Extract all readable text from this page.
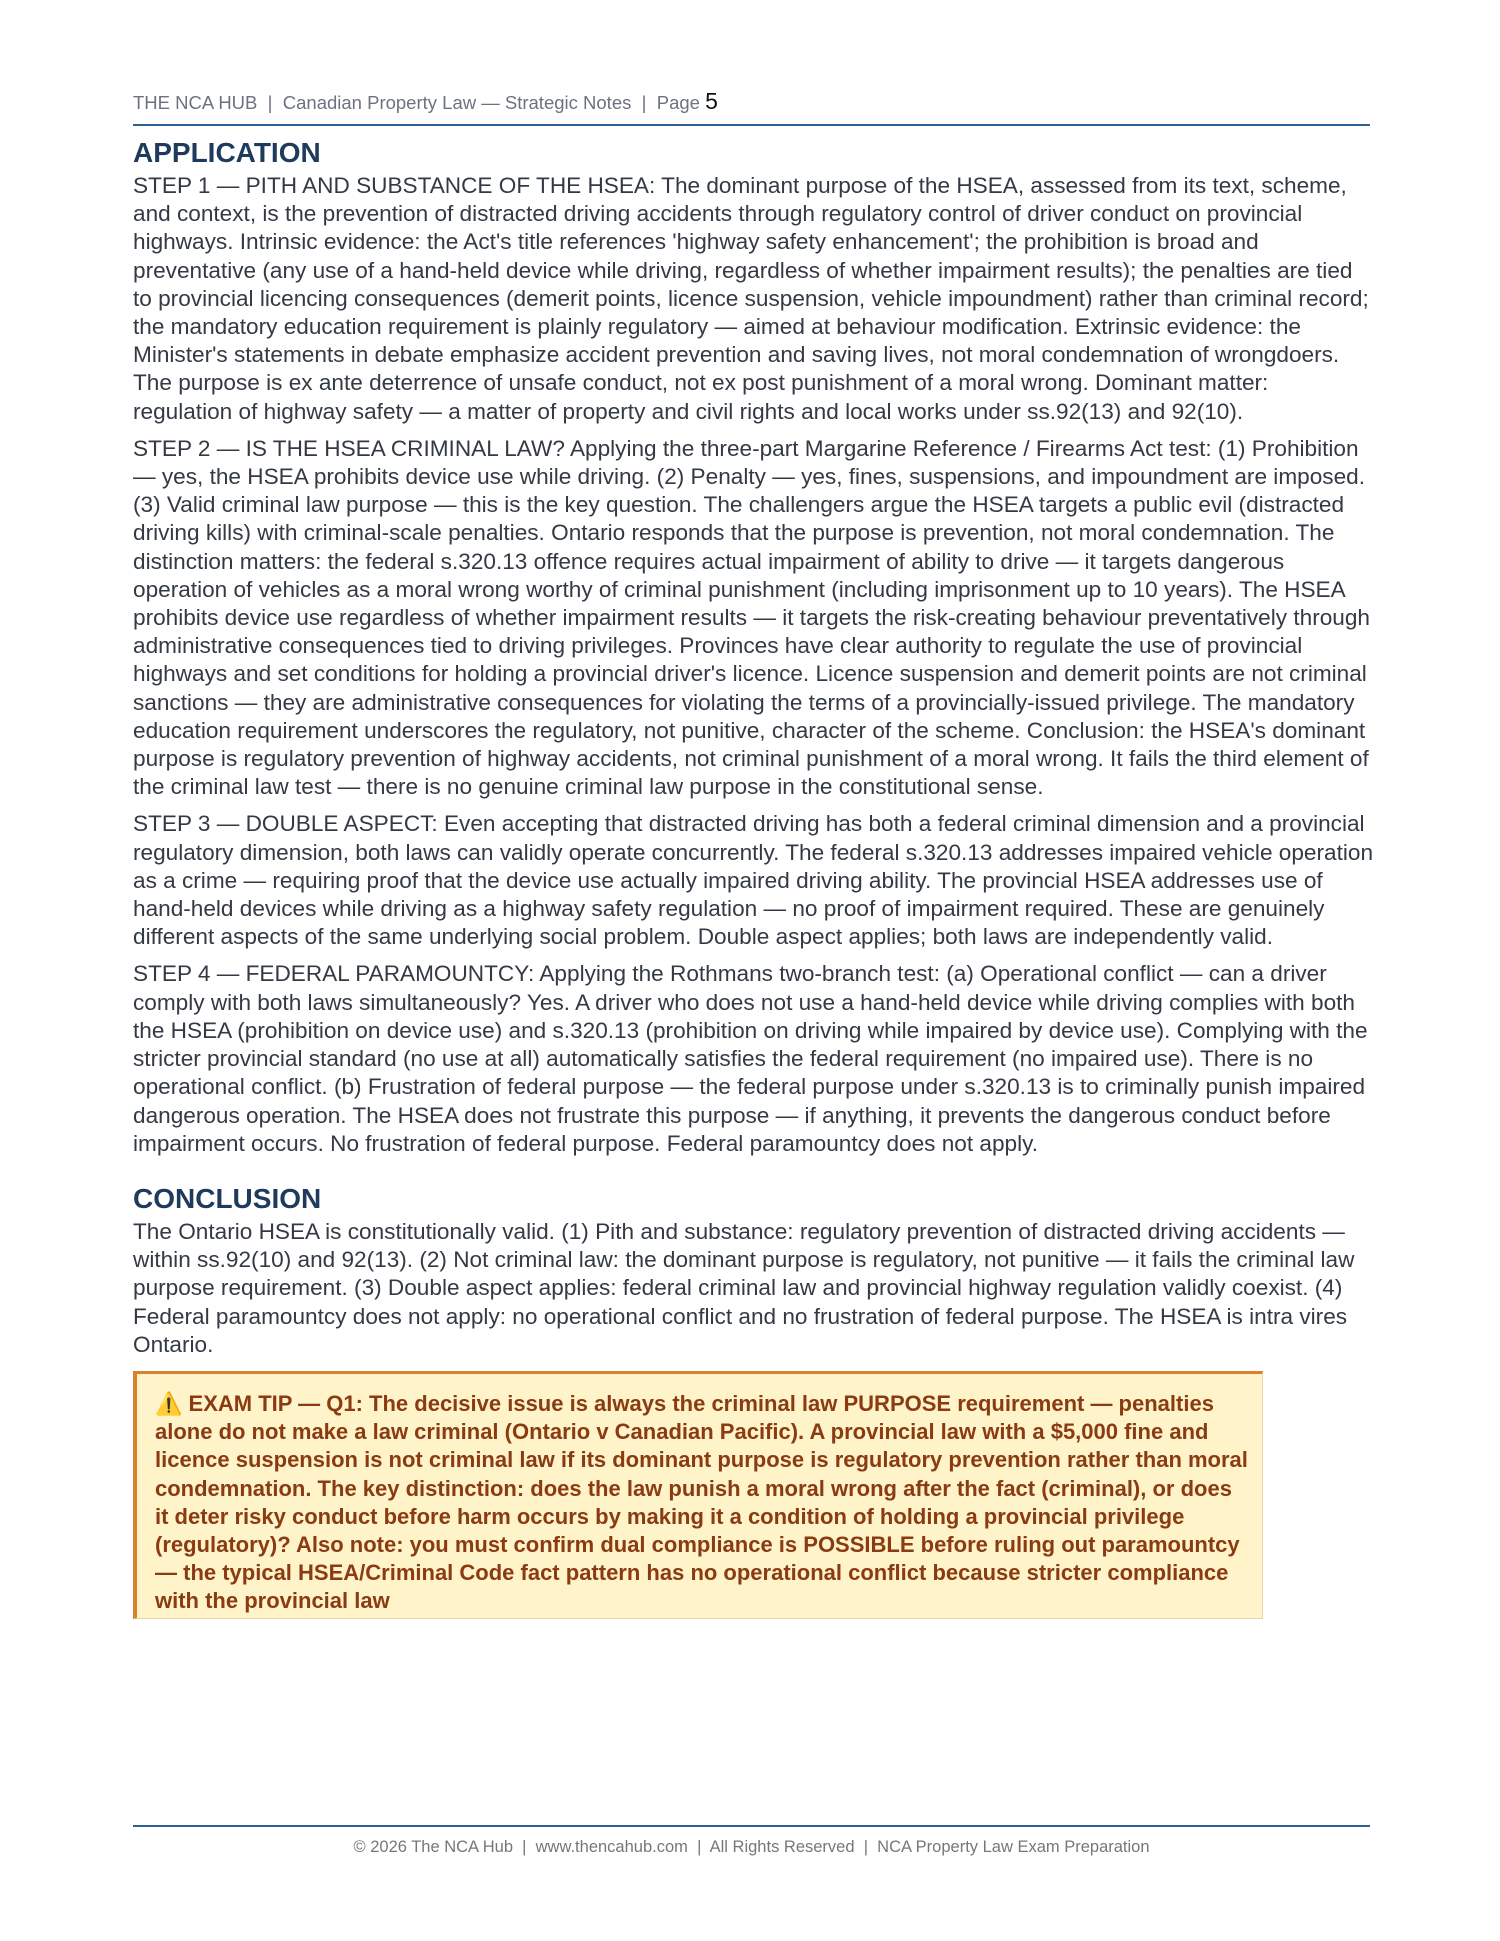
THE NCA HUB | Canadian Property Law — Strategic Notes | Page 5
APPLICATION

STEP 1 — PITH AND SUBSTANCE OF THE HSEA: The dominant purpose of the HSEA, assessed from its text, scheme, and context, is the prevention of distracted driving accidents through regulatory control of driver conduct on provincial highways. Intrinsic evidence: the Act's title references 'highway safety enhancement'; the prohibition is broad and preventative (any use of a hand-held device while driving, regardless of whether impairment results); the penalties are tied to provincial licencing consequences (demerit points, licence suspension, vehicle impoundment) rather than criminal record; the mandatory education requirement is plainly regulatory — aimed at behaviour modification. Extrinsic evidence: the Minister's statements in debate emphasize accident prevention and saving lives, not moral condemnation of wrongdoers. The purpose is ex ante deterrence of unsafe conduct, not ex post punishment of a moral wrong. Dominant matter: regulation of highway safety — a matter of property and civil rights and local works under ss.92(13) and 92(10).

STEP 2 — IS THE HSEA CRIMINAL LAW? Applying the three-part Margarine Reference / Firearms Act test: (1) Prohibition — yes, the HSEA prohibits device use while driving. (2) Penalty — yes, fines, suspensions, and impoundment are imposed. (3) Valid criminal law purpose — this is the key question. The challengers argue the HSEA targets a public evil (distracted driving kills) with criminal-scale penalties. Ontario responds that the purpose is prevention, not moral condemnation. The distinction matters: the federal s.320.13 offence requires actual impairment of ability to drive — it targets dangerous operation of vehicles as a moral wrong worthy of criminal punishment (including imprisonment up to 10 years). The HSEA prohibits device use regardless of whether impairment results — it targets the risk-creating behaviour preventatively through administrative consequences tied to driving privileges. Provinces have clear authority to regulate the use of provincial highways and set conditions for holding a provincial driver's licence. Licence suspension and demerit points are not criminal sanctions — they are administrative consequences for violating the terms of a provincially-issued privilege. The mandatory education requirement underscores the regulatory, not punitive, character of the scheme. Conclusion: the HSEA's dominant purpose is regulatory prevention of highway accidents, not criminal punishment of a moral wrong. It fails the third element of the criminal law test — there is no genuine criminal law purpose in the constitutional sense.

STEP 3 — DOUBLE ASPECT: Even accepting that distracted driving has both a federal criminal dimension and a provincial regulatory dimension, both laws can validly operate concurrently. The federal s.320.13 addresses impaired vehicle operation as a crime — requiring proof that the device use actually impaired driving ability. The provincial HSEA addresses use of hand-held devices while driving as a highway safety regulation — no proof of impairment required. These are genuinely different aspects of the same underlying social problem. Double aspect applies; both laws are independently valid.

STEP 4 — FEDERAL PARAMOUNTCY: Applying the Rothmans two-branch test: (a) Operational conflict — can a driver comply with both laws simultaneously? Yes. A driver who does not use a hand-held device while driving complies with both the HSEA (prohibition on device use) and s.320.13 (prohibition on driving while impaired by device use). Complying with the stricter provincial standard (no use at all) automatically satisfies the federal requirement (no impaired use). There is no operational conflict. (b) Frustration of federal purpose — the federal purpose under s.320.13 is to criminally punish impaired dangerous operation. The HSEA does not frustrate this purpose — if anything, it prevents the dangerous conduct before impairment occurs. No frustration of federal purpose. Federal paramountcy does not apply.

CONCLUSION

The Ontario HSEA is constitutionally valid. (1) Pith and substance: regulatory prevention of distracted driving accidents — within ss.92(10) and 92(13). (2) Not criminal law: the dominant purpose is regulatory, not punitive — it fails the criminal law purpose requirement. (3) Double aspect applies: federal criminal law and provincial highway regulation validly coexist. (4) Federal paramountcy does not apply: no operational conflict and no frustration of federal purpose. The HSEA is intra vires Ontario.

⚠️ EXAM TIP — Q1: The decisive issue is always the criminal law PURPOSE requirement — penalties alone do not make a law criminal (Ontario v Canadian Pacific). A provincial law with a $5,000 fine and licence suspension is not criminal law if its dominant purpose is regulatory prevention rather than moral condemnation. The key distinction: does the law punish a moral wrong after the fact (criminal), or does it deter risky conduct before harm occurs by making it a condition of holding a provincial privilege (regulatory)? Also note: you must confirm dual compliance is POSSIBLE before ruling out paramountcy — the typical HSEA/Criminal Code fact pattern has no operational conflict because stricter compliance with the provincial law
© 2026 The NCA Hub | www.thencahub.com | All Rights Reserved | NCA Property Law Exam Preparation
